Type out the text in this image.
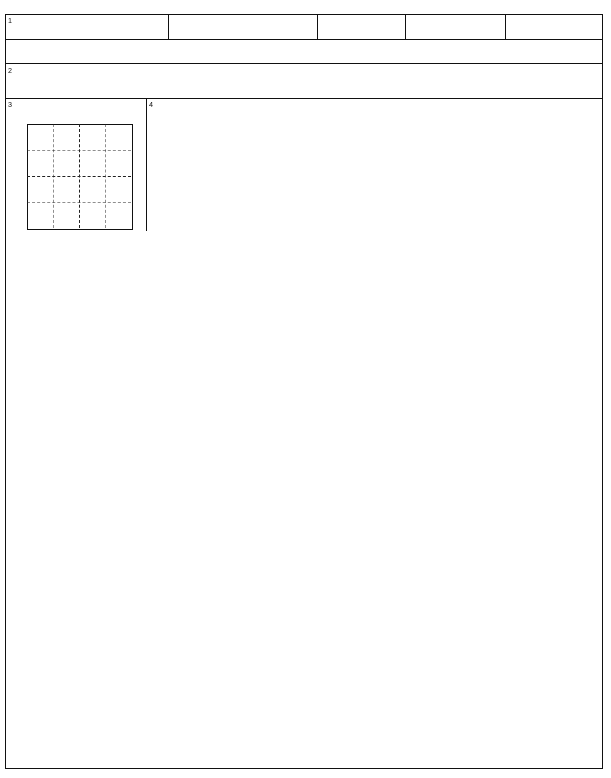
1
2
3	4
